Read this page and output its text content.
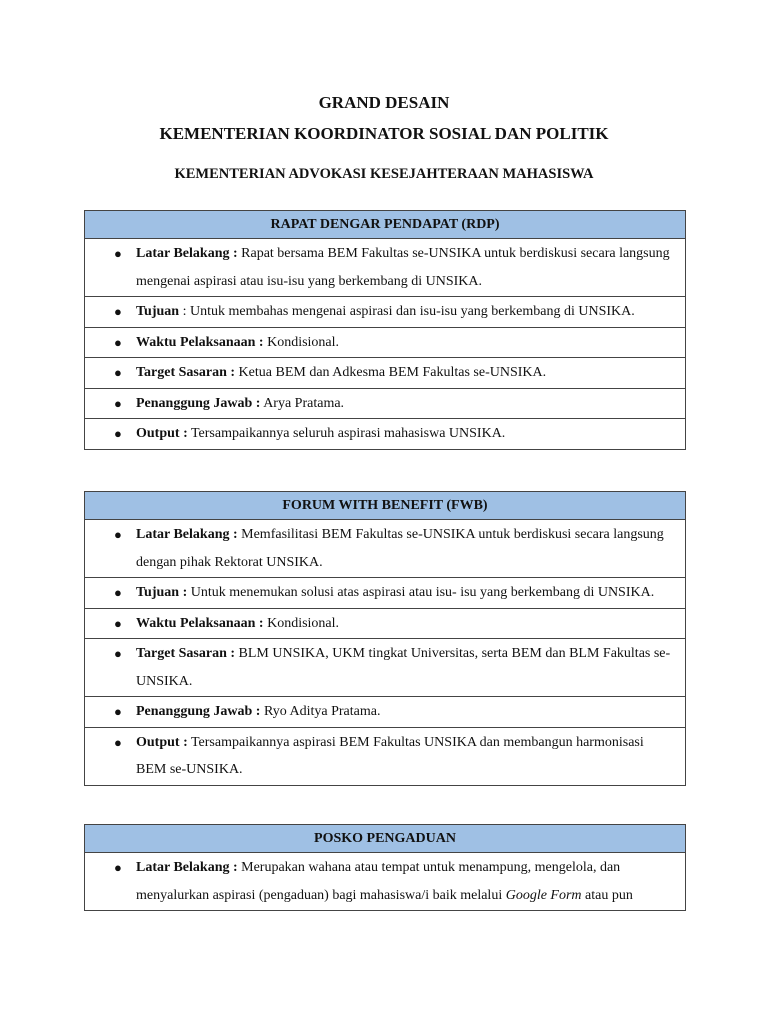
GRAND DESAIN
KEMENTERIAN KOORDINATOR SOSIAL DAN POLITIK
KEMENTERIAN ADVOKASI KESEJAHTERAAN MAHASISWA
RAPAT DENGAR PENDAPAT (RDP)
● Latar Belakang : Rapat bersama BEM Fakultas se-UNSIKA untuk berdiskusi secara langsung mengenai aspirasi atau isu-isu yang berkembang di UNSIKA.
● Tujuan : Untuk membahas mengenai aspirasi dan isu-isu yang berkembang di UNSIKA.
● Waktu Pelaksanaan : Kondisional.
● Target Sasaran : Ketua BEM dan Adkesma BEM Fakultas se-UNSIKA.
● Penanggung Jawab : Arya Pratama.
● Output : Tersampaikannya seluruh aspirasi mahasiswa UNSIKA.
FORUM WITH BENEFIT (FWB)
● Latar Belakang : Memfasilitasi BEM Fakultas se-UNSIKA untuk berdiskusi secara langsung dengan pihak Rektorat UNSIKA.
● Tujuan : Untuk menemukan solusi atas aspirasi atau isu- isu yang berkembang di UNSIKA.
● Waktu Pelaksanaan : Kondisional.
● Target Sasaran : BLM UNSIKA, UKM tingkat Universitas, serta BEM dan BLM Fakultas se-UNSIKA.
● Penanggung Jawab : Ryo Aditya Pratama.
● Output : Tersampaikannya aspirasi BEM Fakultas UNSIKA dan membangun harmonisasi BEM se-UNSIKA.
POSKO PENGADUAN
● Latar Belakang : Merupakan wahana atau tempat untuk menampung, mengelola, dan menyalurkan aspirasi (pengaduan) bagi mahasiswa/i baik melalui Google Form atau pun
